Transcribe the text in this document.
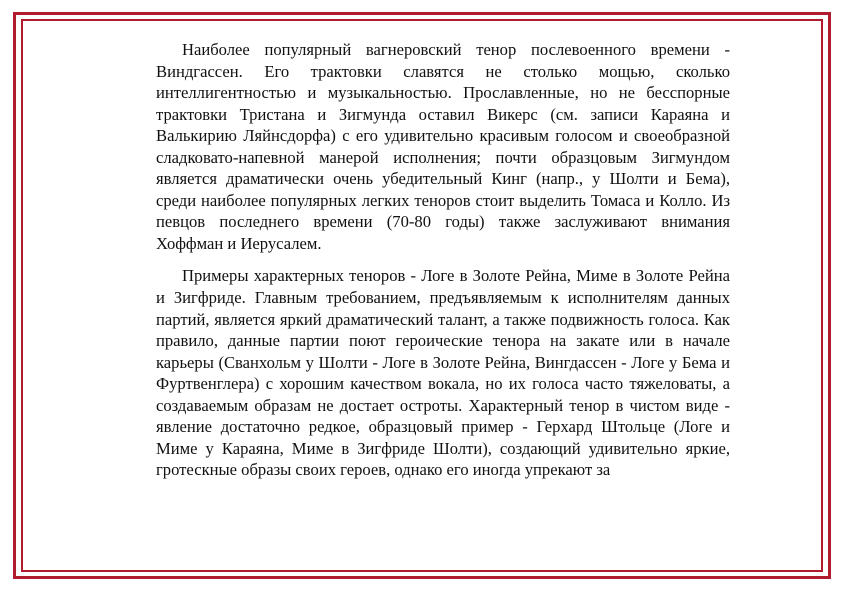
Наиболее популярный вагнеровский тенор послевоенного времени - Виндгассен. Его трактовки славятся не столько мощью, сколько интеллигентностью и музыкальностью. Прославленные, но не бесспорные трактовки Тристана и Зигмунда оставил Викерс (см. записи Караяна и Валькирию Ляйнсдорфа) с его удивительно красивым голосом и своеобразной сладковато-напевной манерой исполнения; почти образцовым Зигмундом является драматически очень убедительный Кинг (напр., у Шолти и Бема), среди наиболее популярных легких теноров стоит выделить Томаса и Колло. Из певцов последнего времени (70-80 годы) также заслуживают внимания Хоффман и Иерусалем.

Примеры характерных теноров - Логе в Золоте Рейна, Миме в Золоте Рейна и Зигфриде. Главным требованием, предъявляемым к исполнителям данных партий, является яркий драматический талант, а также подвижность голоса. Как правило, данные партии поют героические тенора на закате или в начале карьеры (Сванхольм у Шолти - Логе в Золоте Рейна, Вингдассен - Логе у Бема и Фуртвенглера) с хорошим качеством вокала, но их голоса часто тяжеловаты, а создаваемым образам не достает остроты. Характерный тенор в чистом виде - явление достаточно редкое, образцовый пример - Герхард Штольце (Логе и Миме у Караяна, Миме в Зигфриде Шолти), создающий удивительно яркие, гротескные образы своих героев, однако его иногда упрекают за
